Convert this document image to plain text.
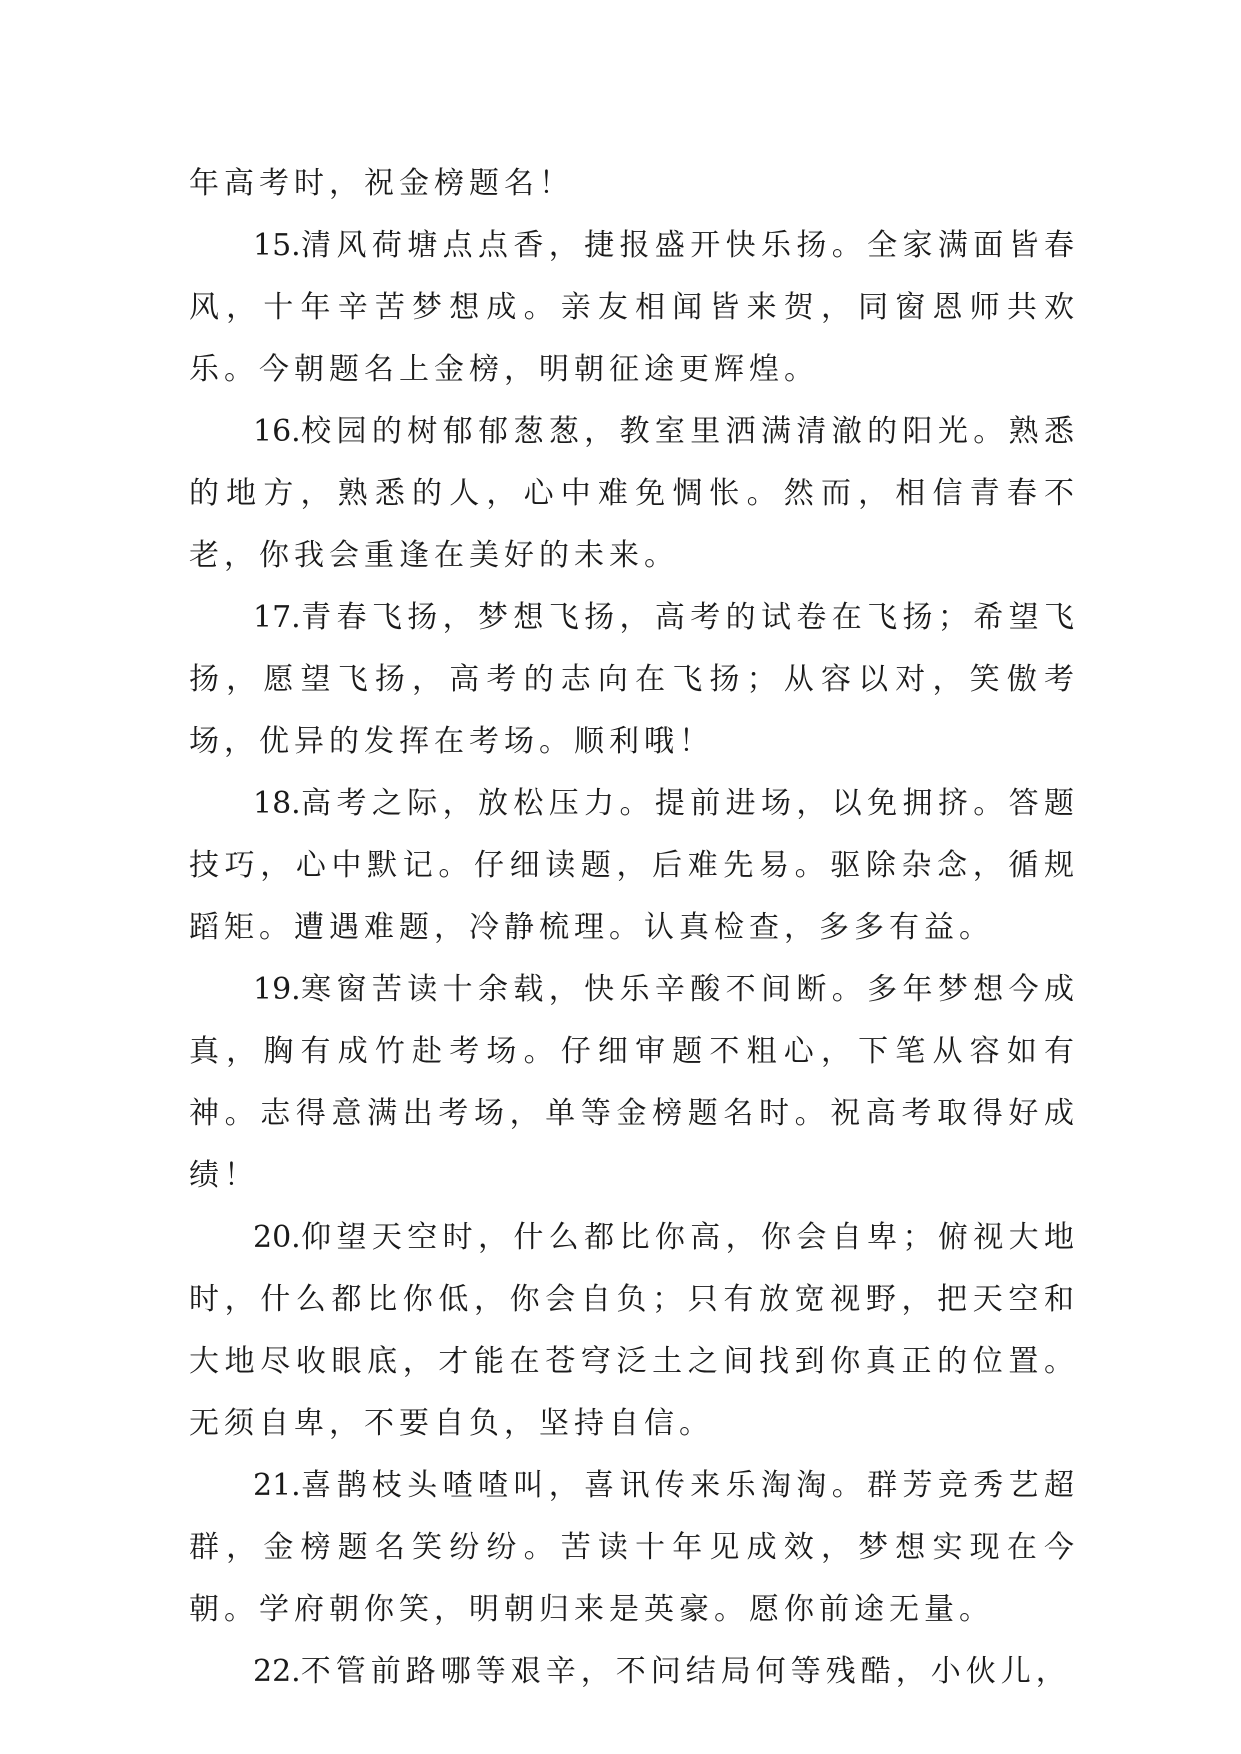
年高考时，祝金榜题名！

15.清风荷塘点点香，捷报盛开快乐扬。全家满面皆春风，十年辛苦梦想成。亲友相闻皆来贺，同窗恩师共欢乐。今朝题名上金榜，明朝征途更辉煌。

16.校园的树郁郁葱葱，教室里洒满清澈的阳光。熟悉的地方，熟悉的人，心中难免惆怅。然而，相信青春不老，你我会重逢在美好的未来。

17.青春飞扬，梦想飞扬，高考的试卷在飞扬；希望飞扬，愿望飞扬，高考的志向在飞扬；从容以对，笑傲考场，优异的发挥在考场。顺利哦！

18.高考之际，放松压力。提前进场，以免拥挤。答题技巧，心中默记。仔细读题，后难先易。驱除杂念，循规蹈矩。遭遇难题，冷静梳理。认真检查，多多有益。

19.寒窗苦读十余载，快乐辛酸不间断。多年梦想今成真，胸有成竹赴考场。仔细审题不粗心，下笔从容如有神。志得意满出考场，单等金榜题名时。祝高考取得好成绩！

20.仰望天空时，什么都比你高，你会自卑；俯视大地时，什么都比你低，你会自负；只有放宽视野，把天空和大地尽收眼底，才能在苍穹泛土之间找到你真正的位置。无须自卑，不要自负，坚持自信。

21.喜鹊枝头喳喳叫，喜讯传来乐淘淘。群芳竞秀艺超群，金榜题名笑纷纷。苦读十年见成效，梦想实现在今朝。学府朝你笑，明朝归来是英豪。愿你前途无量。

22.不管前路哪等艰辛，不问结局何等残酷，小伙儿，
